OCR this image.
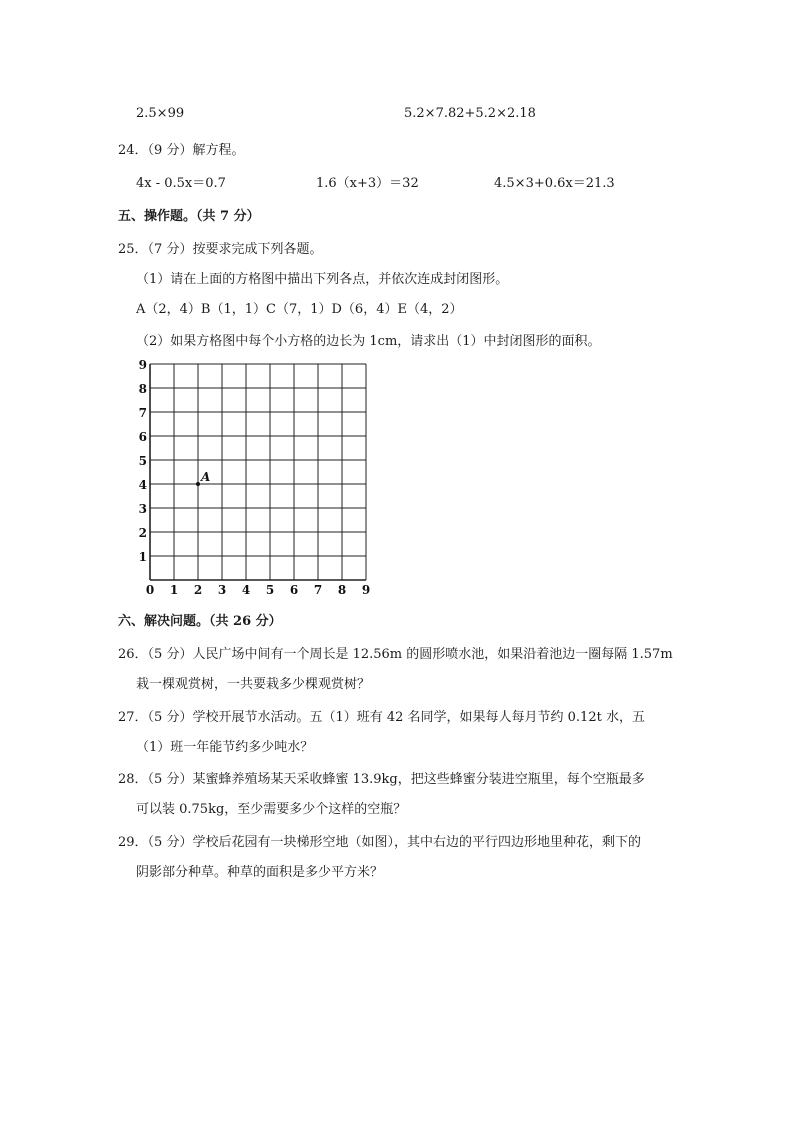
2.5×99	5.2×7.82+5.2×2.18
24．（9 分）解方程。
4x - 0.5x＝0.7	1.6（x+3）＝32	4.5×3+0.6x＝21.3
五、操作题。（共 7 分）
25．（7 分）按要求完成下列各题。
（1）请在上面的方格图中描出下列各点，并依次连成封闭图形。
A（2，4）B（1，1）C（7，1）D（6，4）E（4，2）
（2）如果方格图中每个小方格的边长为 1cm，请求出（1）中封闭图形的面积。
0 1 2 3 4 5 6 7 8 9
1
2
3
4
5
6
7
8
9
A
六、解决问题。（共 26 分）
26．（5 分）人民广场中间有一个周长是 12.56m 的圆形喷水池，如果沿着池边一圈每隔 1.57m
栽一棵观赏树，一共要栽多少棵观赏树？
27．（5 分）学校开展节水活动。五（1）班有 42 名同学，如果每人每月节约 0.12t 水，五
（1）班一年能节约多少吨水？
28．（5 分）某蜜蜂养殖场某天采收蜂蜜 13.9kg，把这些蜂蜜分装进空瓶里，每个空瓶最多
可以装 0.75kg，至少需要多少个这样的空瓶？
29．（5 分）学校后花园有一块梯形空地（如图），其中右边的平行四边形地里种花，剩下的
阴影部分种草。种草的面积是多少平方米？
